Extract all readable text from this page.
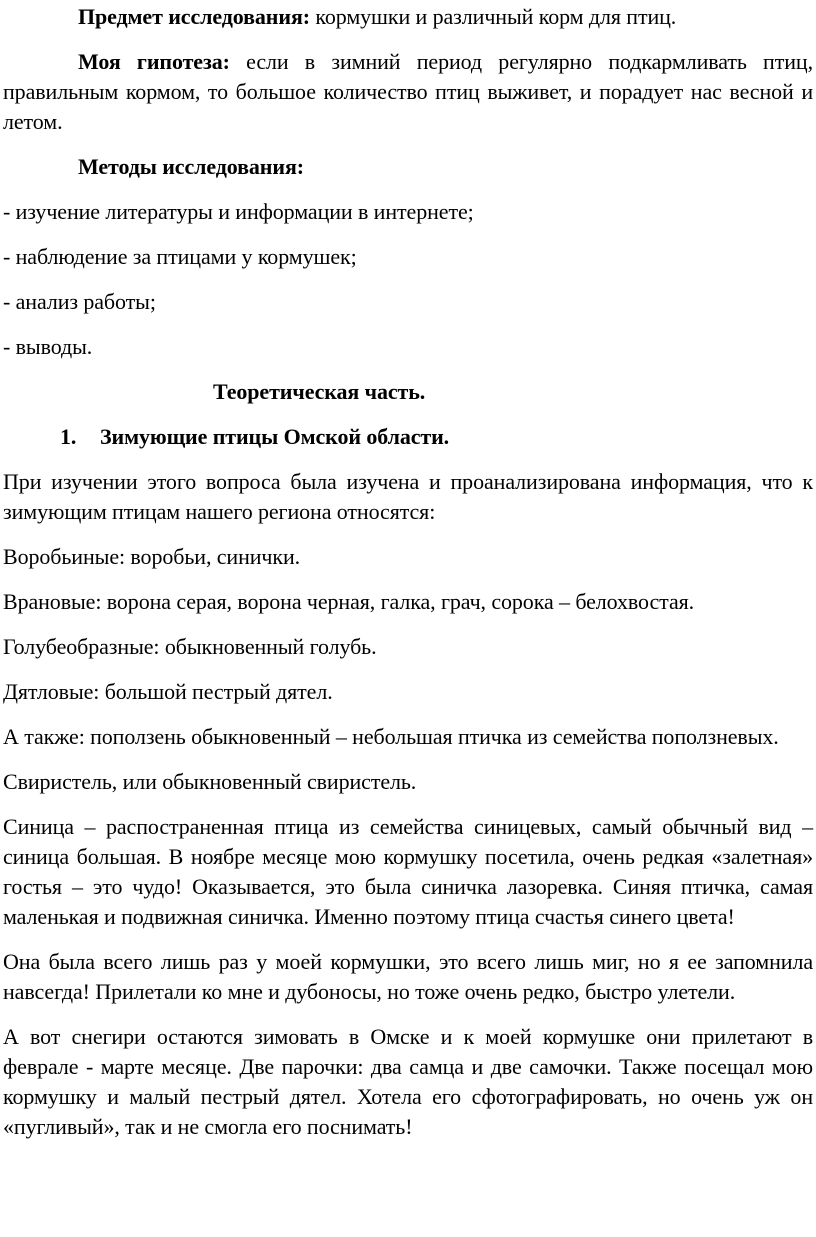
Предмет исследования: кормушки и различный корм для птиц.

Моя гипотеза: если в зимний период регулярно подкармливать птиц, правильным кормом, то большое количество птиц выживет, и порадует нас весной и летом.

Методы исследования:

- изучение литературы и информации в интернете;

- наблюдение за птицами у кормушек;

- анализ работы;

- выводы.

Теоретическая часть.

1. Зимующие птицы Омской области.

При изучении этого вопроса была изучена и проанализирована информация, что к зимующим птицам нашего региона относятся:

Воробьиные: воробьи, синички.

Врановые: ворона серая, ворона черная, галка, грач, сорока – белохвостая.

Голубеобразные: обыкновенный голубь.

Дятловые: большой пестрый дятел.

А также: поползень обыкновенный – небольшая птичка из семейства поползневых.

Свиристель, или обыкновенный свиристель.

Синица – распостраненная птица из семейства синицевых, самый обычный вид – синица большая. В ноябре месяце мою кормушку посетила, очень редкая «залетная» гостья – это чудо! Оказывается, это была синичка лазоревка. Синяя птичка, самая маленькая и подвижная синичка. Именно поэтому птица счастья синего цвета!

Она была всего лишь раз у моей кормушки, это всего лишь миг, но я ее запомнила навсегда! Прилетали ко мне и дубоносы, но тоже очень редко, быстро улетели.

А вот снегири остаются зимовать в Омске и к моей кормушке они прилетают в феврале - марте месяце. Две парочки: два самца и две самочки. Также посещал мою кормушку и малый пестрый дятел. Хотела его сфотографировать, но очень уж он «пугливый», так и не смогла его поснимать!
